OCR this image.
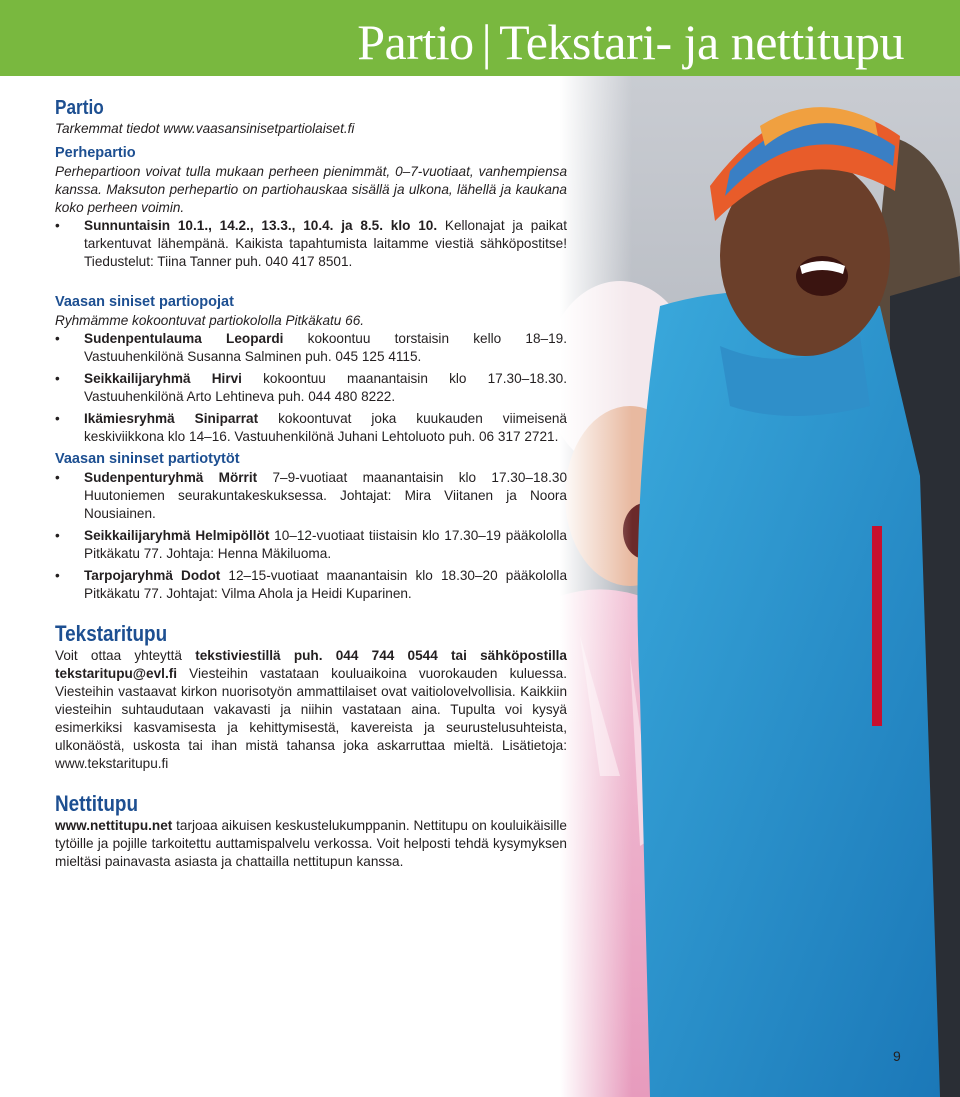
Partio | Tekstari- ja nettitupu
Partio

Tarkemmat tiedot www.vaasansinisetpartiolaiset.fi

Perhepartio

Perhepartioon voivat tulla mukaan perheen pienimmät, 0–7-vuotiaat, vanhempiensa kanssa. Maksuton perhepartio on partiohauskaa sisällä ja ulkona, lähellä ja kaukana koko perheen voimin.

• Sunnuntaisin 10.1., 14.2., 13.3., 10.4. ja 8.5. klo 10. Kellonajat ja paikat tarkentuvat lähempänä. Kaikista tapahtumista laitamme viestiä sähköpostitse! Tiedustelut: Tiina Tanner puh. 040 417 8501.
Vaasan siniset partiopojat

Ryhmämme kokoontuvat partiokololla Pitkäkatu 66.

• Sudenpentulauma Leopardi kokoontuu torstaisin kello 18–19. Vastuuhenkilönä Susanna Salminen puh. 045 125 4115.
• Seikkailijaryhmä Hirvi kokoontuu maanantaisin klo 17.30–18.30. Vastuuhenkilönä Arto Lehtineva puh. 044 480 8222.
• Ikämiesryhmä Siniparrat kokoontuvat joka kuukauden viimeisenä keskiviikkona klo 14–16. Vastuuhenkilönä Juhani Lehtoluoto puh. 06 317 2721.
Vaasan sininset partiotytöt
• Sudenpenturyhmä Mörrit 7–9-vuotiaat maanantaisin klo 17.30–18.30 Huutoniemen seurakuntakeskuksessa. Johtajat: Mira Viitanen ja Noora Nousiainen.
• Seikkailijaryhmä Helmipöllöt 10–12-vuotiaat tiistaisin klo 17.30–19 pääkololla Pitkäkatu 77. Johtaja: Henna Mäkiluoma.
• Tarpojaryhmä Dodot 12–15-vuotiaat maanantaisin klo 18.30–20 pääkololla Pitkäkatu 77. Johtajat: Vilma Ahola ja Heidi Kuparinen.
Tekstaritupu

Voit ottaa yhteyttä tekstiviestillä puh. 044 744 0544 tai sähköpostilla tekstaritupu@evl.fi Viesteihin vastataan kouluaikoina vuorokauden kuluessa. Viesteihin vastaavat kirkon nuorisotyön ammattilaiset ovat vaitiolovelvollisia. Kaikkiin viesteihin suhtaudutaan vakavasti ja niihin vastataan aina. Tupulta voi kysyä esimerkiksi kasvamisesta ja kehittymisestä, kavereista ja seurustelusuhteista, ulkonäöstä, uskosta tai ihan mistä tahansa joka askarruttaa mieltä. Lisätietoja: www.tekstaritupu.fi

Nettitupu

www.nettitupu.net tarjoaa aikuisen keskustelukumppanin. Nettitupu on kouluikäisille tytöille ja pojille tarkoitettu auttamispalvelu verkossa. Voit helposti tehdä kysymyksen mieltäsi painavasta asiasta ja chattailla nettitupun kanssa.

9
